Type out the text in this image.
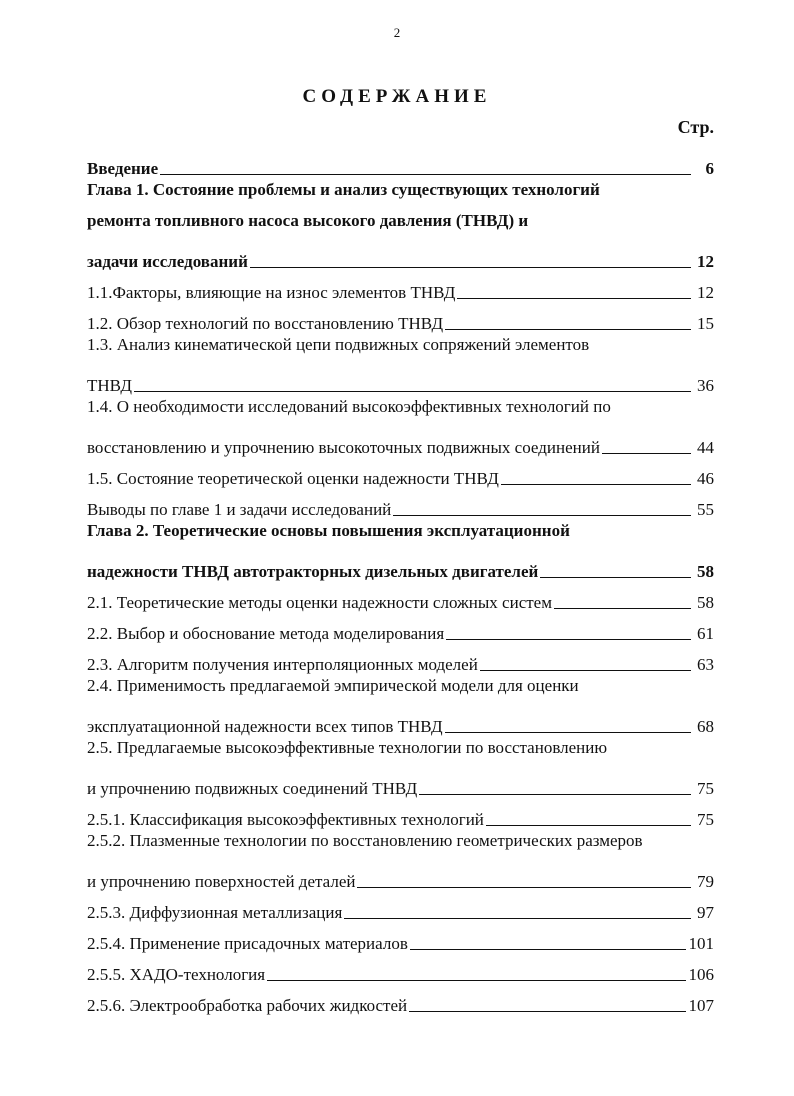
2
СОДЕРЖАНИЕ
Стр.
Введение	6
Глава 1. Состояние проблемы и анализ существующих технологий
ремонта топливного насоса высокого давления (ТНВД) и
задачи исследований	12
1.1.Факторы, влияющие на износ элементов ТНВД	12
1.2. Обзор технологий по восстановлению ТНВД	15
1.3. Анализ кинематической цепи подвижных сопряжений элементов
ТНВД	36
1.4. О необходимости исследований высокоэффективных технологий по
восстановлению и упрочнению высокоточных подвижных соединений	44
1.5. Состояние теоретической оценки надежности ТНВД	46
Выводы по главе 1 и задачи исследований	55
Глава 2. Теоретические основы повышения эксплуатационной
надежности ТНВД автотракторных дизельных двигателей	58
2.1. Теоретические методы оценки надежности сложных систем	58
2.2. Выбор и обоснование метода моделирования	61
2.3. Алгоритм получения интерполяционных моделей	63
2.4. Применимость предлагаемой эмпирической модели для оценки
эксплуатационной надежности всех типов ТНВД	68
2.5. Предлагаемые высокоэффективные технологии по восстановлению
и упрочнению подвижных соединений ТНВД	75
2.5.1. Классификация высокоэффективных технологий	75
2.5.2. Плазменные технологии по восстановлению геометрических размеров
и упрочнению поверхностей деталей	79
2.5.3. Диффузионная металлизация	97
2.5.4. Применение присадочных материалов	101
2.5.5. ХАДО-технология	106
2.5.6. Электрообработка рабочих жидкостей	107
